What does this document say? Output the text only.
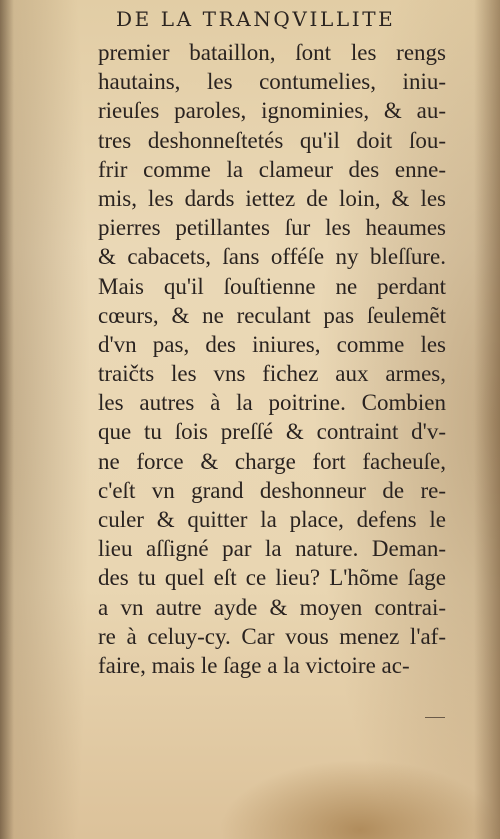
DE LA TRANQVILLITE
premier bataillon, ſont les rengs
hautains, les contumelies, iniu-
rieuſes paroles, ignominies, & au-
tres deshonneſtetés qu'il doit ſou-
frir comme la clameur des enne-
mis, les dards iettez de loin, & les
pierres petillantes ſur les heaumes
& cabacets, ſans offéſe ny bleſſure.
Mais qu'il ſouſtienne ne perdant
cœurs, & ne reculant pas ſeulemẽt
d'vn pas, des iniures, comme les
traičts les vns fichez aux armes,
les autres à la poitrine. Combien
que tu ſois preſſé & contraint d'v-
ne force & charge fort facheuſe,
c'eſt vn grand deshonneur de re-
culer & quitter la place, defens le
lieu aſſigné par la nature. Deman-
des tu quel eſt ce lieu? L'hõme ſage
a vn autre ayde & moyen contrai-
re à celuy-cy. Car vous menez l'af-
faire, mais le ſage a la victoire ac-
